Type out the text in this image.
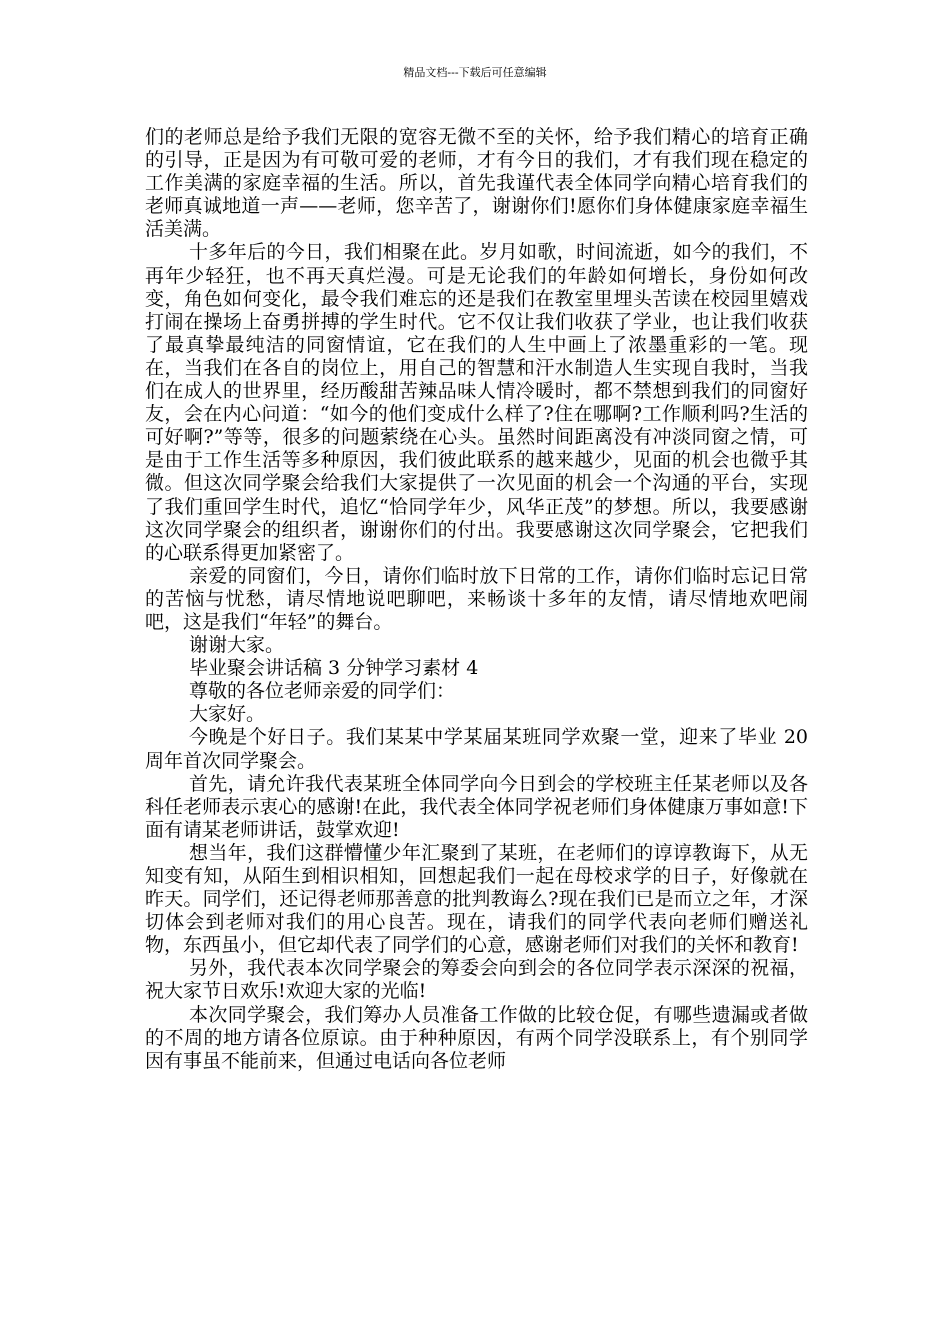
精品文档---下载后可任意编辑

们的老师总是给予我们无限的宽容无微不至的关怀，给予我们精心的培育正确的引导，正是因为有可敬可爱的老师，才有今日的我们，才有我们现在稳定的工作美满的家庭幸福的生活。所以，首先我谨代表全体同学向精心培育我们的老师真诚地道一声——老师，您辛苦了，谢谢你们!愿你们身体健康家庭幸福生活美满。

十多年后的今日，我们相聚在此。岁月如歌，时间流逝，如今的我们，不再年少轻狂，也不再天真烂漫。可是无论我们的年龄如何增长，身份如何改变，角色如何变化，最令我们难忘的还是我们在教室里埋头苦读在校园里嬉戏打闹在操场上奋勇拼搏的学生时代。它不仅让我们收获了学业，也让我们收获了最真挚最纯洁的同窗情谊，它在我们的人生中画上了浓墨重彩的一笔。现在，当我们在各自的岗位上，用自己的智慧和汗水制造人生实现自我时，当我们在成人的世界里，经历酸甜苦辣品味人情冷暖时，都不禁想到我们的同窗好友，会在内心问道：“如今的他们变成什么样了?住在哪啊?工作顺利吗?生活的可好啊?”等等，很多的问题萦绕在心头。虽然时间距离没有冲淡同窗之情，可是由于工作生活等多种原因，我们彼此联系的越来越少，见面的机会也微乎其微。但这次同学聚会给我们大家提供了一次见面的机会一个沟通的平台，实现了我们重回学生时代，追忆“恰同学年少，风华正茂”的梦想。所以，我要感谢这次同学聚会的组织者，谢谢你们的付出。我要感谢这次同学聚会，它把我们的心联系得更加紧密了。

亲爱的同窗们，今日，请你们临时放下日常的工作，请你们临时忘记日常的苦恼与忧愁，请尽情地说吧聊吧，来畅谈十多年的友情，请尽情地欢吧闹吧，这是我们“年轻”的舞台。

谢谢大家。

毕业聚会讲话稿 3 分钟学习素材 4

尊敬的各位老师亲爱的同学们：

大家好。

今晚是个好日子。我们某某中学某届某班同学欢聚一堂，迎来了毕业 20 周年首次同学聚会。

首先，请允许我代表某班全体同学向今日到会的学校班主任某老师以及各科任老师表示衷心的感谢!在此，我代表全体同学祝老师们身体健康万事如意!下面有请某老师讲话，鼓掌欢迎!

想当年，我们这群懵懂少年汇聚到了某班，在老师们的谆谆教诲下，从无知变有知，从陌生到相识相知，回想起我们一起在母校求学的日子，好像就在昨天。同学们，还记得老师那善意的批判教诲么?现在我们已是而立之年，才深切体会到老师对我们的用心良苦。现在，请我们的同学代表向老师们赠送礼物，东西虽小，但它却代表了同学们的心意，感谢老师们对我们的关怀和教育!

另外，我代表本次同学聚会的筹委会向到会的各位同学表示深深的祝福，祝大家节日欢乐!欢迎大家的光临!

本次同学聚会，我们筹办人员准备工作做的比较仓促，有哪些遗漏或者做的不周的地方请各位原谅。由于种种原因，有两个同学没联系上，有个别同学因有事虽不能前来，但通过电话向各位老师
